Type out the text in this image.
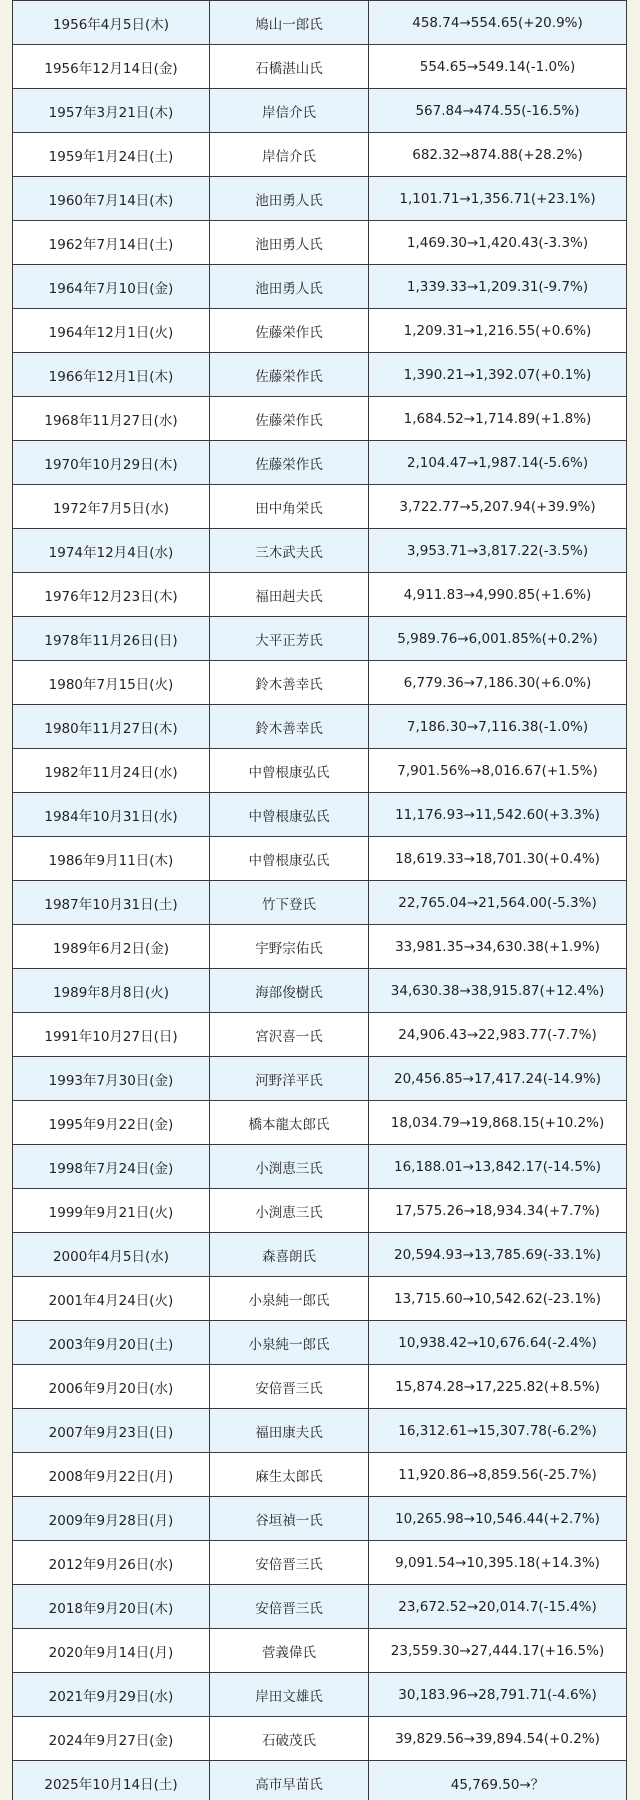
1956年4月5日(木)	鳩山一郎氏	458.74→554.65(+20.9%)
1956年12月14日(金)	石橋湛山氏	554.65→549.14(-1.0%)
1957年3月21日(木)	岸信介氏	567.84→474.55(-16.5%)
1959年1月24日(土)	岸信介氏	682.32→874.88(+28.2%)
1960年7月14日(木)	池田勇人氏	1,101.71→1,356.71(+23.1%)
1962年7月14日(土)	池田勇人氏	1,469.30→1,420.43(-3.3%)
1964年7月10日(金)	池田勇人氏	1,339.33→1,209.31(-9.7%)
1964年12月1日(火)	佐藤栄作氏	1,209.31→1,216.55(+0.6%)
1966年12月1日(木)	佐藤栄作氏	1,390.21→1,392.07(+0.1%)
1968年11月27日(水)	佐藤栄作氏	1,684.52→1,714.89(+1.8%)
1970年10月29日(木)	佐藤栄作氏	2,104.47→1,987.14(-5.6%)
1972年7月5日(水)	田中角栄氏	3,722.77→5,207.94(+39.9%)
1974年12月4日(水)	三木武夫氏	3,953.71→3,817.22(-3.5%)
1976年12月23日(木)	福田赳夫氏	4,911.83→4,990.85(+1.6%)
1978年11月26日(日)	大平正芳氏	5,989.76→6,001.85%(+0.2%)
1980年7月15日(火)	鈴木善幸氏	6,779.36→7,186.30(+6.0%)
1980年11月27日(木)	鈴木善幸氏	7,186.30→7,116.38(-1.0%)
1982年11月24日(水)	中曾根康弘氏	7,901.56%→8,016.67(+1.5%)
1984年10月31日(水)	中曾根康弘氏	11,176.93→11,542.60(+3.3%)
1986年9月11日(木)	中曾根康弘氏	18,619.33→18,701.30(+0.4%)
1987年10月31日(土)	竹下登氏	22,765.04→21,564.00(-5.3%)
1989年6月2日(金)	宇野宗佑氏	33,981.35→34,630.38(+1.9%)
1989年8月8日(火)	海部俊樹氏	34,630.38→38,915.87(+12.4%)
1991年10月27日(日)	宮沢喜一氏	24,906.43→22,983.77(-7.7%)
1993年7月30日(金)	河野洋平氏	20,456.85→17,417.24(-14.9%)
1995年9月22日(金)	橋本龍太郎氏	18,034.79→19,868.15(+10.2%)
1998年7月24日(金)	小渕恵三氏	16,188.01→13,842.17(-14.5%)
1999年9月21日(火)	小渕恵三氏	17,575.26→18,934.34(+7.7%)
2000年4月5日(水)	森喜朗氏	20,594.93→13,785.69(-33.1%)
2001年4月24日(火)	小泉純一郎氏	13,715.60→10,542.62(-23.1%)
2003年9月20日(土)	小泉純一郎氏	10,938.42→10,676.64(-2.4%)
2006年9月20日(水)	安倍晋三氏	15,874.28→17,225.82(+8.5%)
2007年9月23日(日)	福田康夫氏	16,312.61→15,307.78(-6.2%)
2008年9月22日(月)	麻生太郎氏	11,920.86→8,859.56(-25.7%)
2009年9月28日(月)	谷垣禎一氏	10,265.98→10,546.44(+2.7%)
2012年9月26日(水)	安倍晋三氏	9,091.54→10,395.18(+14.3%)
2018年9月20日(木)	安倍晋三氏	23,672.52→20,014.7(-15.4%)
2020年9月14日(月)	菅義偉氏	23,559.30→27,444.17(+16.5%)
2021年9月29日(水)	岸田文雄氏	30,183.96→28,791.71(-4.6%)
2024年9月27日(金)	石破茂氏	39,829.56→39,894.54(+0.2%)
2025年10月14日(土)	高市早苗氏	45,769.50→？
